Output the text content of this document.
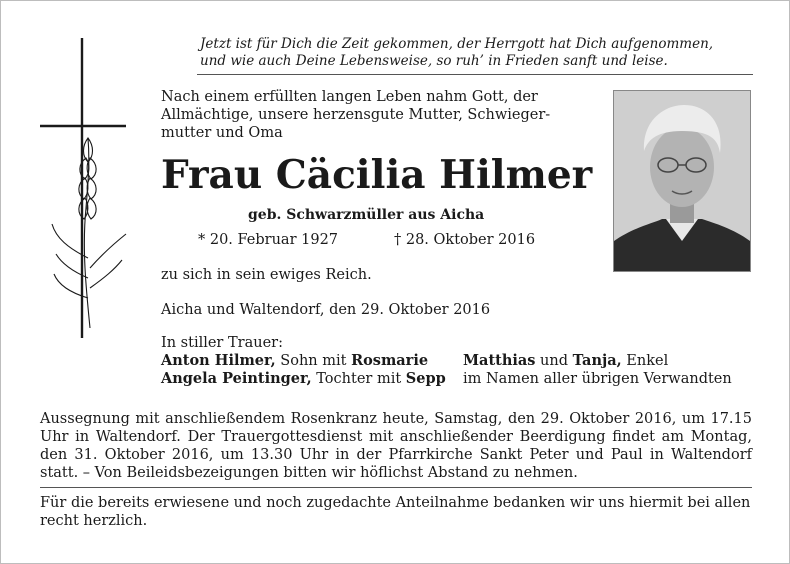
Jetzt ist für Dich die Zeit gekommen, der Herrgott hat Dich aufgenommen,
und wie auch Deine Lebensweise, so ruh’ in Frieden sanft und leise.
Nach einem erfüllten langen Leben nahm Gott, der
Allmächtige, unsere herzensgute Mutter, Schwieger-
mutter und Oma
Frau Cäcilia Hilmer
geb. Schwarzmüller aus Aicha
* 20. Februar 1927	† 28. Oktober 2016
zu sich in sein ewiges Reich.
Aicha und Waltendorf, den 29. Oktober 2016
In stiller Trauer:
Anton Hilmer, Sohn mit Rosmarie Matthias und Tanja, Enkel
Angela Peintinger, Tochter mit Sepp im Namen aller übrigen Verwandten
Aussegnung mit anschließendem Rosenkranz heute, Samstag, den 29. Oktober 2016, um 17.15 Uhr in Waltendorf. Der Trauergottesdienst mit anschließender Beerdigung findet am Montag, den 31. Oktober 2016, um 13.30 Uhr in der Pfarrkirche Sankt Peter und Paul in Waltendorf statt. – Von Beileidsbezeigungen bitten wir höflichst Abstand zu nehmen.
Für die bereits erwiesene und noch zugedachte Anteilnahme bedanken wir uns hiermit bei allen recht herzlich.
